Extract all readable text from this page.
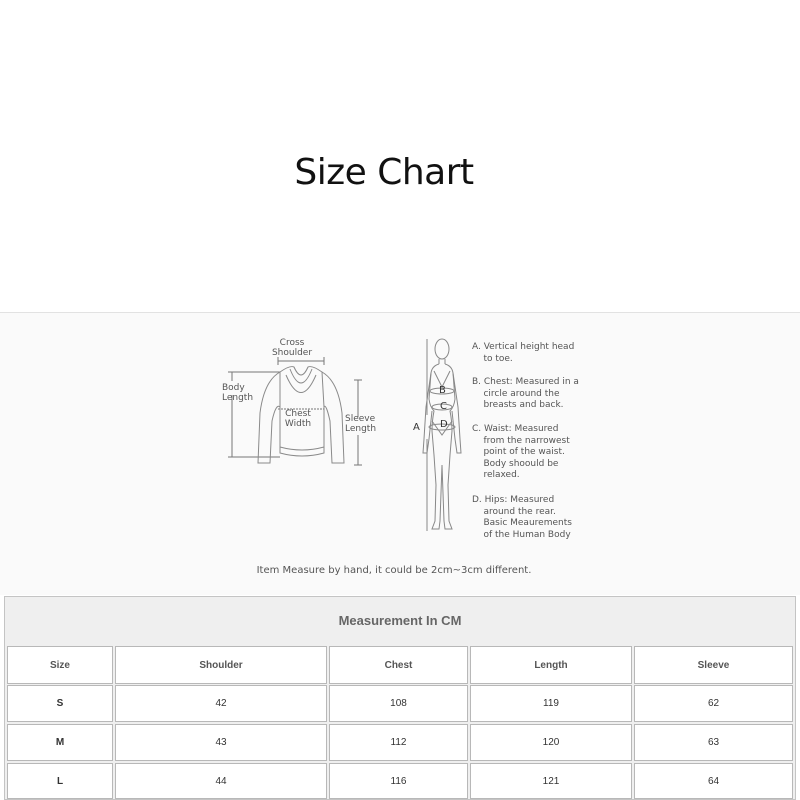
Size Chart
Cross
Shoulder
Body
Length
Chest
Width	Sleeve
Length	A
B
C
D
A. Vertical height head
to toe.
B. Chest: Measured in a
circle around the
breasts and back.
C. Waist: Measured
from the narrowest
point of the waist.
Body shoould be
relaxed.
D. Hips: Measured
around the rear.
Basic Meaurements
of the Human Body
Item Measure by hand, it could be 2cm~3cm different.
Measurement In CM
Size	Shoulder	Chest	Length	Sleeve
S	42	108	119	62
M	43	112	120	63
L	44	116	121	64
